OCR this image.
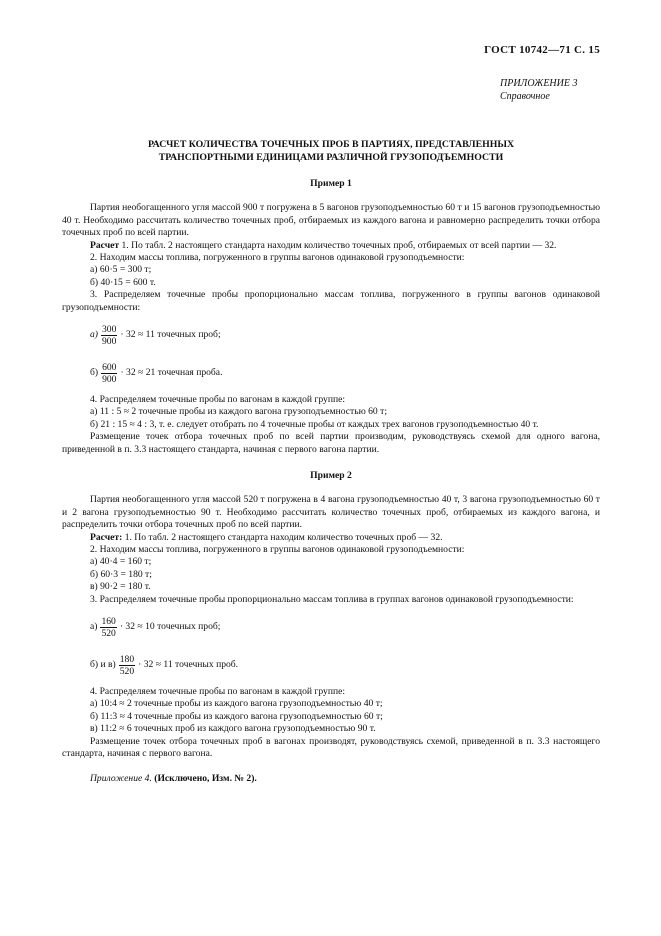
ГОСТ 10742—71 С. 15
ПРИЛОЖЕНИЕ 3
Справочное
РАСЧЕТ КОЛИЧЕСТВА ТОЧЕЧНЫХ ПРОБ В ПАРТИЯХ, ПРЕДСТАВЛЕННЫХ
ТРАНСПОРТНЫМИ ЕДИНИЦАМИ РАЗЛИЧНОЙ ГРУЗОПОДЪЕМНОСТИ

Пример 1

Партия необогащенного угля массой 900 т погружена в 5 вагонов грузоподъемностью 60 т и 15 вагонов грузоподъемностью 40 т. Необходимо рассчитать количество точечных проб, отбираемых из каждого вагона и равномерно распределить точки отбора точечных проб по всей партии.

Расчет 1. По табл. 2 настоящего стандарта находим количество точечных проб, отбираемых от всей партии — 32.

2. Находим массы топлива, погруженного в группы вагонов одинаковой грузоподъемности:

а) 60·5 = 300 т;

б) 40·15 = 600 т.

3. Распределяем точечные пробы пропорционально массам топлива, погруженного в группы вагонов одинаковой грузоподъемности:

$а) \frac{300}{900} \cdot 32 \approx 11$ точечных проб;
$б) \frac{600}{900} \cdot 32 \approx 21$ точечная проба.

4. Распределяем точечные пробы по вагонам в каждой группе:

а) 11 : 5 ≈ 2 точечные пробы из каждого вагона грузоподъемностью 60 т;

б) 21 : 15 ≈ 4 : 3, т. е. следует отобрать по 4 точечные пробы от каждых трех вагонов грузоподъемностью 40 т.

Размещение точек отбора точечных проб по всей партии производим, руководствуясь схемой для одного вагона, приведенной в п. 3.3 настоящего стандарта, начиная с первого вагона партии.

Пример 2

Партия необогащенного угля массой 520 т погружена в 4 вагона грузоподъемностью 40 т, 3 вагона грузоподъемностью 60 т и 2 вагона грузоподъемностью 90 т. Необходимо рассчитать количество точечных проб, отбираемых из каждого вагона, и распределить точки отбора точечных проб по всей партии.

Расчет: 1. По табл. 2 настоящего стандарта находим количество точечных проб — 32.

2. Находим массы топлива, погруженного в группы вагонов одинаковой грузоподъемности:

а) 40·4 = 160 т;

б) 60·3 = 180 т;

в) 90·2 = 180 т.

3. Распределяем точечные пробы пропорционально массам топлива в группах вагонов одинаковой грузоподъемности:

$а) \frac{160}{520} \cdot 32 \approx 10$ точечных проб;
б) и $в) \frac{180}{520} \cdot 32 \approx 11$ точечных проб.

4. Распределяем точечные пробы по вагонам в каждой группе:

а) 10:4 ≈ 2 точечные пробы из каждого вагона грузоподъемностью 40 т;

б) 11:3 ≈ 4 точечные пробы из каждого вагона грузоподъемностью 60 т;

в) 11:2 ≈ 6 точечных проб из каждого вагона грузоподъемностью 90 т.

Размещение точек отбора точечных проб в вагонах производят, руководствуясь схемой, приведенной в п. 3.3 настоящего стандарта, начиная с первого вагона.

Приложение 4. (Исключено, Изм. № 2).
